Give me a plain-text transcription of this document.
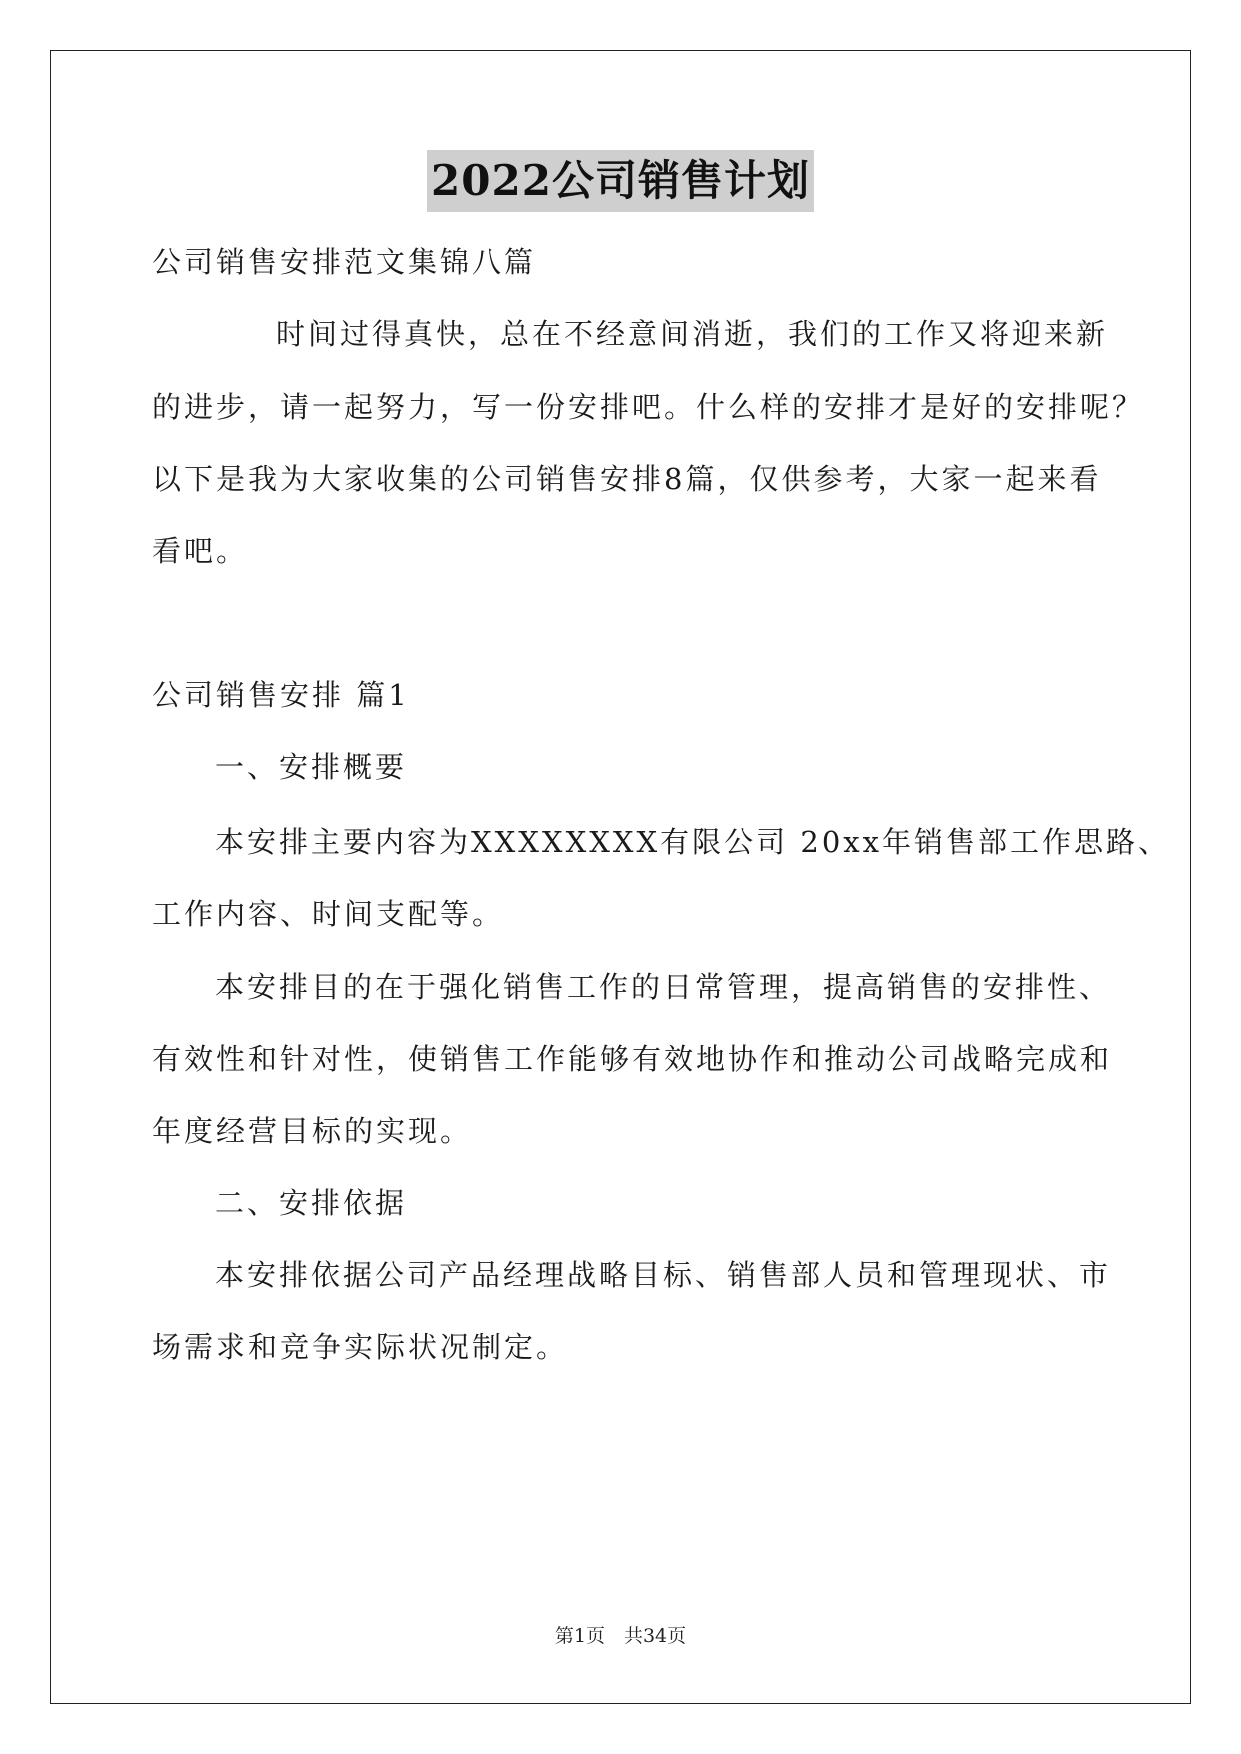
2022公司销售计划
公司销售安排范文集锦八篇
时间过得真快，总在不经意间消逝，我们的工作又将迎来新
的进步，请一起努力，写一份安排吧。什么样的安排才是好的安排呢？
以下是我为大家收集的公司销售安排8篇，仅供参考，大家一起来看
看吧。
公司销售安排 篇1
一、安排概要
本安排主要内容为XXXXXXXX有限公司 20xx年销售部工作思路、
工作内容、时间支配等。
本安排目的在于强化销售工作的日常管理，提高销售的安排性、
有效性和针对性，使销售工作能够有效地协作和推动公司战略完成和
年度经营目标的实现。
二、安排依据
本安排依据公司产品经理战略目标、销售部人员和管理现状、市
场需求和竞争实际状况制定。
第1页　共34页
